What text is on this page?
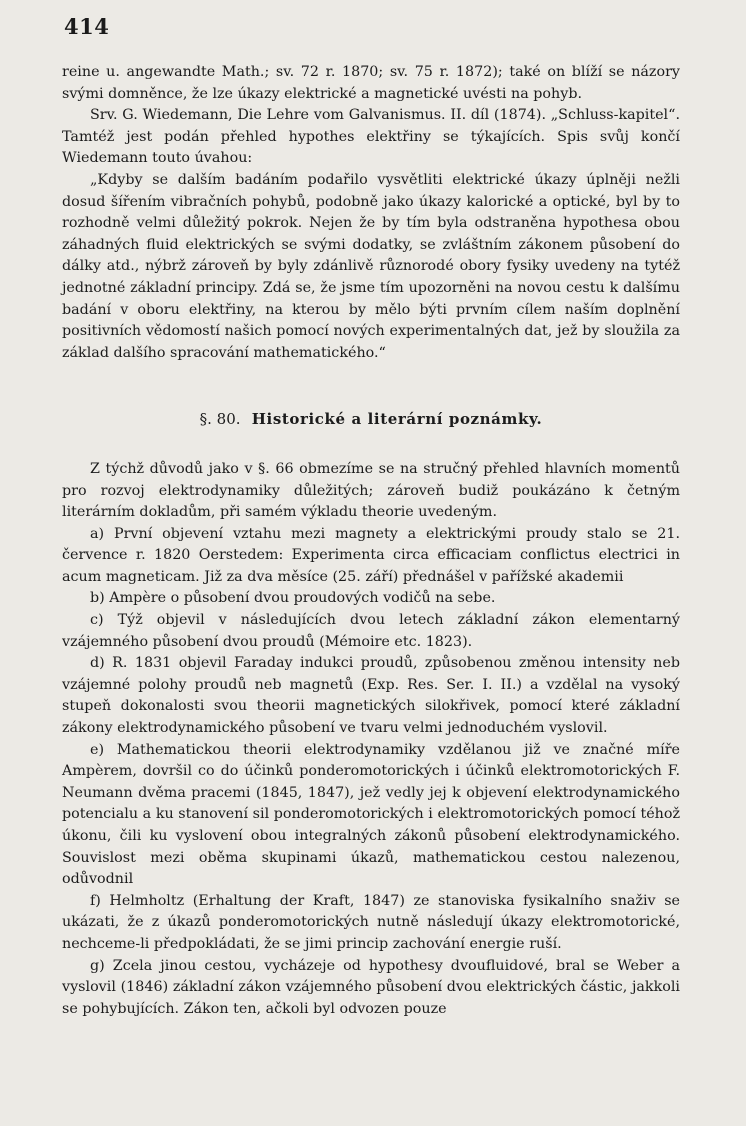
414

reine u. angewandte Math.; sv. 72 r. 1870; sv. 75 r. 1872); také on blíží se názory svými domněnce, že lze úkazy elektrické a magnetické uvésti na pohyb.

Srv. G. Wiedemann, Die Lehre vom Galvanismus. II. díl (1874). „Schluss-kapitel“. Tamtéž jest podán přehled hypothes elektřiny se týkajících. Spis svůj končí Wiedemann touto úvahou:

„Kdyby se dalším badáním podařilo vysvětliti elektrické úkazy úplněji nežli dosud šířením vibračních pohybů, podobně jako úkazy kalorické a optické, byl by to rozhodně velmi důležitý pokrok. Nejen že by tím byla odstraněna hypothesa obou záhadných fluid elektrických se svými dodatky, se zvláštním zákonem působení do dálky atd., nýbrž zároveň by byly zdánlivě různorodé obory fysiky uvedeny na tytéž jednotné základní principy. Zdá se, že jsme tím upozorněni na novou cestu k dalšímu badání v oboru elektřiny, na kterou by mělo býti prvním cílem naším doplnění positivních vědomostí našich pomocí nových experimentalných dat, jež by sloužila za základ dalšího spracování mathematického.“

§. 80. Historické a literární poznámky.

Z týchž důvodů jako v §. 66 obmezíme se na stručný přehled hlavních momentů pro rozvoj elektrodynamiky důležitých; zároveň budiž poukázáno k četným literárním dokladům, při samém výkladu theorie uvedeným.

a) První objevení vztahu mezi magnety a elektrickými proudy stalo se 21. července r. 1820 Oerstedem: Experimenta circa efficaciam conflictus electrici in acum magneticam. Již za dva měsíce (25. září) přednášel v pařížské akademii

b) Ampère o působení dvou proudových vodičů na sebe.

c) Týž objevil v následujících dvou letech základní zákon elementarný vzájemného působení dvou proudů (Mémoire etc. 1823).

d) R. 1831 objevil Faraday indukci proudů, způsobenou změnou intensity neb vzájemné polohy proudů neb magnetů (Exp. Res. Ser. I. II.) a vzdělal na vysoký stupeň dokonalosti svou theorii magnetických silokřivek, pomocí které základní zákony elektrodynamického působení ve tvaru velmi jednoduchém vyslovil.

e) Mathematickou theorii elektrodynamiky vzdělanou již ve značné míře Ampèrem, dovršil co do účinků ponderomotorických i účinků elektromotorických F. Neumann dvěma pracemi (1845, 1847), jež vedly jej k objevení elektrodynamického potencialu a ku stanovení sil ponderomotorických i elektromotorických pomocí téhož úkonu, čili ku vyslovení obou integralných zákonů působení elektrodynamického. Souvislost mezi oběma skupinami úkazů, mathematickou cestou nalezenou, odůvodnil

f) Helmholtz (Erhaltung der Kraft, 1847) ze stanoviska fysikalního snaživ se ukázati, že z úkazů ponderomotorických nutně následují úkazy elektromotorické, nechceme-li předpokládati, že se jimi princip zachování energie ruší.

g) Zcela jinou cestou, vycházeje od hypothesy dvoufluidové, bral se Weber a vyslovil (1846) základní zákon vzájemného působení dvou elektrických částic, jakkoli se pohybujících. Zákon ten, ačkoli byl odvozen pouze
